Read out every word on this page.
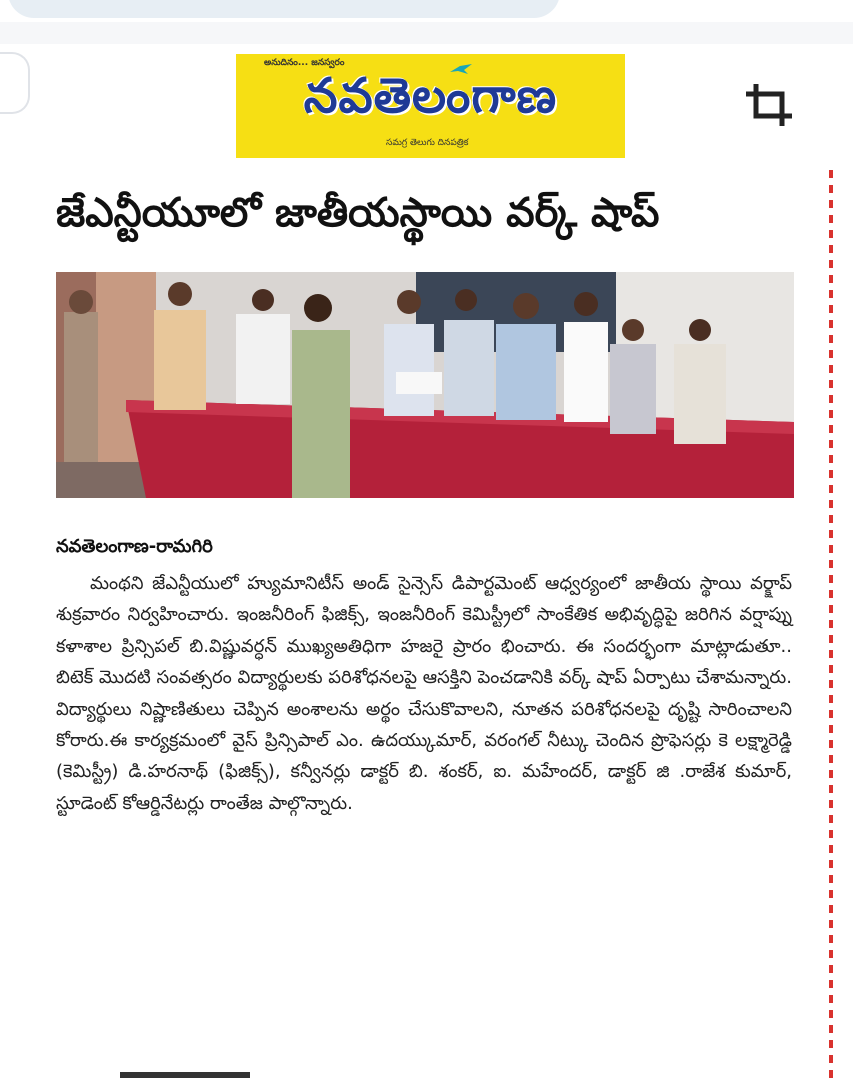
అనుదినం... జనస్వరం
నవతెలంగాణ
సమగ్ర తెలుగు దినపత్రిక
జేఎన్టీయూలో జాతీయస్థాయి వర్క్ షాప్
నవతెలంగాణ-రామగిరి
మంథని జేఎన్టీయులో హ్యుమానిటీస్ అండ్ సైన్సెస్ డిపార్టమెంట్ ఆధ్వర్యంలో జాతీయ స్థాయి వర్క్షాప్ శుక్రవారం నిర్వహించారు. ఇంజనీరింగ్ ఫిజిక్స్, ఇంజనీరింగ్ కెమిస్ట్రీలో సాంకేతిక అభివృద్ధిపై జరిగిన వర్షాప్ను కళాశాల ప్రిన్సిపల్ బి.విష్ణువర్ధన్ ముఖ్యఅతిధిగా హజరై ప్రారం భించారు. ఈ సందర్భంగా మాట్లాడుతూ.. బిటెక్ మొదటి సంవత్సరం విద్యార్థులకు పరిశోధనలపై ఆసక్తిని పెంచడానికి వర్క్ షాప్ ఏర్పాటు చేశామన్నారు. విద్యార్థులు నిష్ణాణితులు చెప్పిన అంశాలను అర్థం చేసుకొవాలని, నూతన పరిశోధనలపై దృష్టి సారించాలని కోరారు.ఈ కార్యక్రమంలో వైస్ ప్రిన్సిపాల్ ఎం. ఉదయ్కుమార్, వరంగల్ నీట్కు చెందిన ప్రొఫెసర్లు కె లక్ష్మారెడ్డి (కెమిస్ట్రీ) డి.హరనాథ్ (ఫిజిక్స్), కన్వీనర్లు డాక్టర్ బి. శంకర్, ఐ. మహేందర్, డాక్టర్ జి .రాజేశ కుమార్, స్టూడెంట్ కోఆర్డినేటర్లు రాంతేజ పాల్గొన్నారు.
